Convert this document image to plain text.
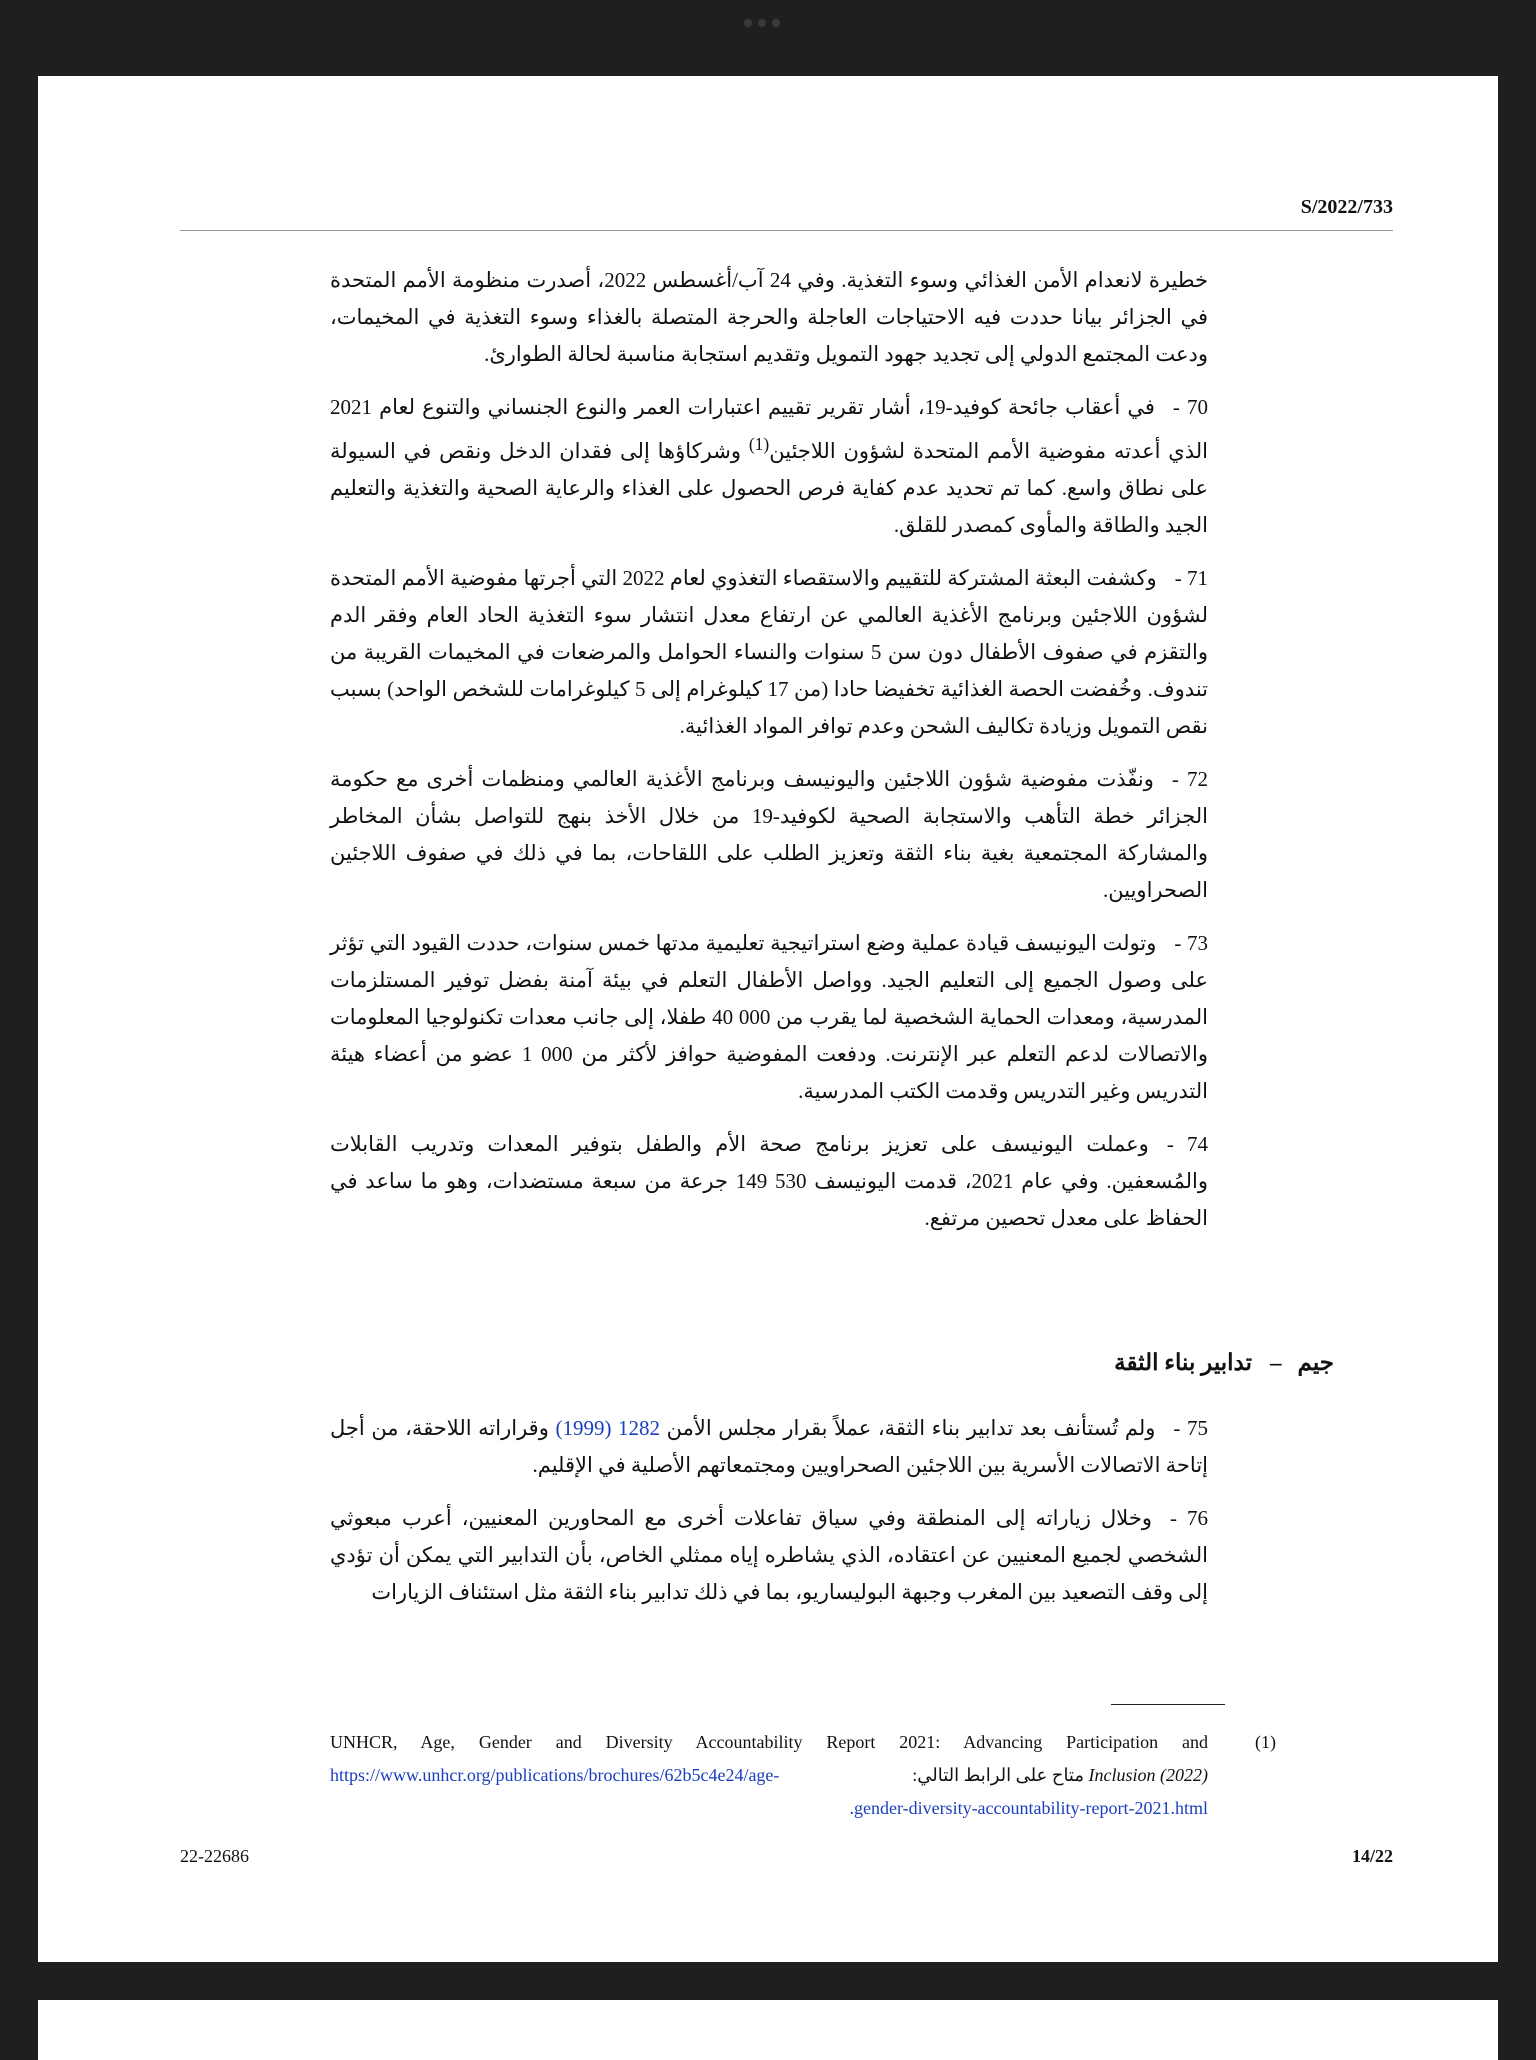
S/2022/733

خطيرة لانعدام الأمن الغذائي وسوء التغذية. وفي 24 آب/أغسطس 2022، أصدرت منظومة الأمم المتحدة في الجزائر بيانا حددت فيه الاحتياجات العاجلة والحرجة المتصلة بالغذاء وسوء التغذية في المخيمات، ودعت المجتمع الدولي إلى تجديد جهود التمويل وتقديم استجابة مناسبة لحالة الطوارئ.

70 -في أعقاب جائحة كوفيد-19، أشار تقرير تقييم اعتبارات العمر والنوع الجنساني والتنوع لعام 2021 الذي أعدته مفوضية الأمم المتحدة لشؤون اللاجئين$^{(1)}$ وشركاؤها إلى فقدان الدخل ونقص في السيولة على نطاق واسع. كما تم تحديد عدم كفاية فرص الحصول على الغذاء والرعاية الصحية والتغذية والتعليم الجيد والطاقة والمأوى كمصدر للقلق.

71 -وكشفت البعثة المشتركة للتقييم والاستقصاء التغذوي لعام 2022 التي أجرتها مفوضية الأمم المتحدة لشؤون اللاجئين وبرنامج الأغذية العالمي عن ارتفاع معدل انتشار سوء التغذية الحاد العام وفقر الدم والتقزم في صفوف الأطفال دون سن 5 سنوات والنساء الحوامل والمرضعات في المخيمات القريبة من تندوف. وخُفضت الحصة الغذائية تخفيضا حادا (من 17 كيلوغرام إلى 5 كيلوغرامات للشخص الواحد) بسبب نقص التمويل وزيادة تكاليف الشحن وعدم توافر المواد الغذائية.

72 -ونفّذت مفوضية شؤون اللاجئين واليونيسف وبرنامج الأغذية العالمي ومنظمات أخرى مع حكومة الجزائر خطة التأهب والاستجابة الصحية لكوفيد-19 من خلال الأخذ بنهج للتواصل بشأن المخاطر والمشاركة المجتمعية بغية بناء الثقة وتعزيز الطلب على اللقاحات، بما في ذلك في صفوف اللاجئين الصحراويين.

73 -وتولت اليونيسف قيادة عملية وضع استراتيجية تعليمية مدتها خمس سنوات، حددت القيود التي تؤثر على وصول الجميع إلى التعليم الجيد. وواصل الأطفال التعلم في بيئة آمنة بفضل توفير المستلزمات المدرسية، ومعدات الحماية الشخصية لما يقرب من 000 40 طفلا، إلى جانب معدات تكنولوجيا المعلومات والاتصالات لدعم التعلم عبر الإنترنت. ودفعت المفوضية حوافز لأكثر من 000 1 عضو من أعضاء هيئة التدريس وغير التدريس وقدمت الكتب المدرسية.

74 -وعملت اليونيسف على تعزيز برنامج صحة الأم والطفل بتوفير المعدات وتدريب القابلات والمُسعفين. وفي عام 2021، قدمت اليونيسف 530 149 جرعة من سبعة مستضدات، وهو ما ساعد في الحفاظ على معدل تحصين مرتفع.

جيم–تدابير بناء الثقة

75 -ولم تُستأنف بعد تدابير بناء الثقة، عملاً بقرار مجلس الأمن 1282 (1999) وقراراته اللاحقة، من أجل إتاحة الاتصالات الأسرية بين اللاجئين الصحراويين ومجتمعاتهم الأصلية في الإقليم.

76 -وخلال زياراته إلى المنطقة وفي سياق تفاعلات أخرى مع المحاورين المعنيين، أعرب مبعوثي الشخصي لجميع المعنيين عن اعتقاده، الذي يشاطره إياه ممثلي الخاص، بأن التدابير التي يمكن أن تؤدي إلى وقف التصعيد بين المغرب وجبهة البوليساريو، بما في ذلك تدابير بناء الثقة مثل استئناف الزيارات

UNHCR, Age, Gender and Diversity Accountability Report 2021: Advancing Participation and	(1)
https://www.unhcr.org/publications/brochures/62b5c4e24/age-	متاح على الرابط التالي: Inclusion (2022)
.gender-diversity-accountability-report-2021.html
22-22686	14/22
